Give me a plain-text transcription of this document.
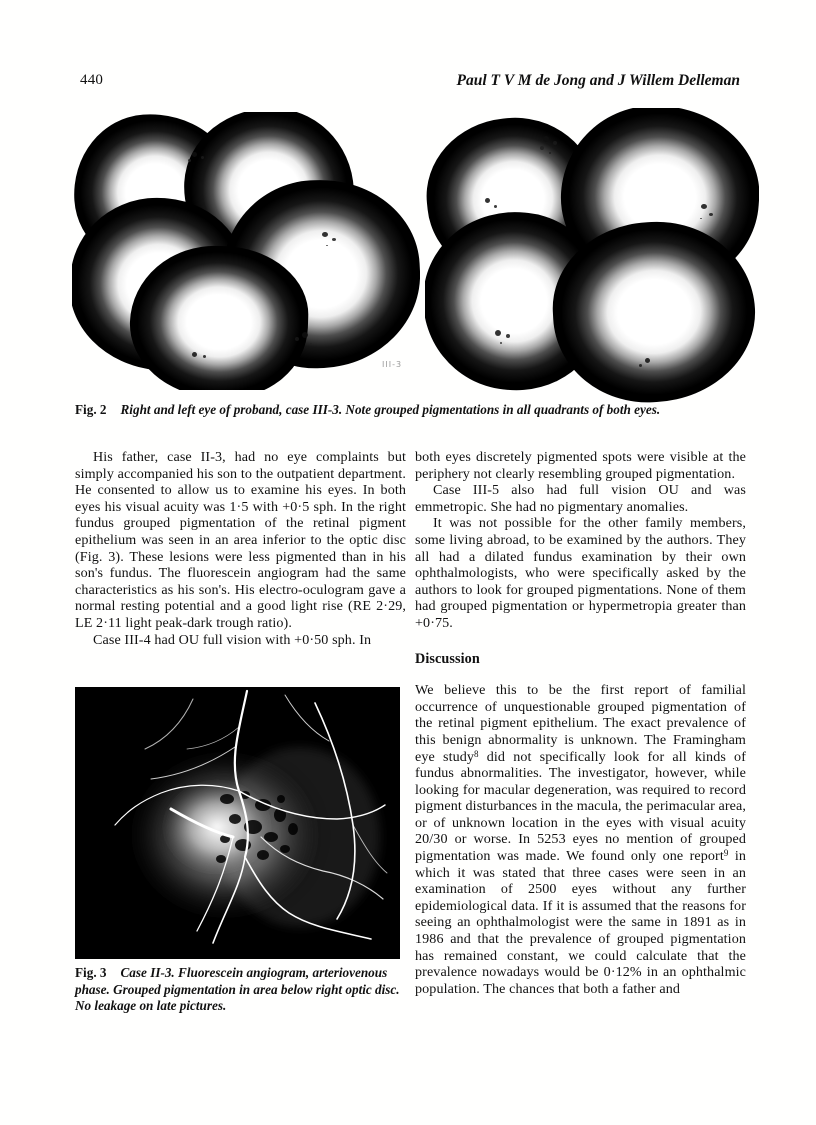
440	Paul T V M de Jong and J Willem Delleman
III-3
Fig. 2 Right and left eye of proband, case III-3. Note grouped pigmentations in all quadrants of both eyes.

His father, case II-3, had no eye complaints but simply accompanied his son to the outpatient department. He consented to allow us to examine his eyes. In both eyes his visual acuity was 1·5 with +0·5 sph. In the right fundus grouped pigmentation of the retinal pigment epithelium was seen in an area inferior to the optic disc (Fig. 3). These lesions were less pigmented than in his son's fundus. The fluorescein angiogram had the same characteristics as his son's. His electro-oculogram gave a normal resting potential and a good light rise (RE 2·29, LE 2·11 light peak-dark trough ratio).

Case III-4 had OU full vision with +0·50 sph. In

both eyes discretely pigmented spots were visible at the periphery not clearly resembling grouped pigmentation.

Case III-5 also had full vision OU and was emmetropic. She had no pigmentary anomalies.

It was not possible for the other family members, some living abroad, to be examined by the authors. They all had a dilated fundus examination by their own ophthalmologists, who were specifically asked by the authors to look for grouped pigmentations. None of them had grouped pigmentation or hypermetropia greater than +0·75.

Discussion

We believe this to be the first report of familial occurrence of unquestionable grouped pigmentation of the retinal pigment epithelium. The exact prevalence of this benign abnormality is unknown. The Framingham eye study$^8$ did not specifically look for all kinds of fundus abnormalities. The investigator, however, while looking for macular degeneration, was required to record pigment disturbances in the macula, the perimacular area, or of unknown location in the eyes with visual acuity 20/30 or worse. In 5253 eyes no mention of grouped pigmentation was made. We found only one report$^9$ in which it was stated that three cases were seen in an examination of 2500 eyes without any further epidemiological data. If it is assumed that the reasons for seeing an ophthalmologist were the same in 1891 as in 1986 and that the prevalence of grouped pigmentation has remained constant, we could calculate that the prevalence nowadays would be 0·12% in an ophthalmic population. The chances that both a father and

Fig. 3 Case II-3. Fluorescein angiogram, arteriovenous phase. Grouped pigmentation in area below right optic disc. No leakage on late pictures.
